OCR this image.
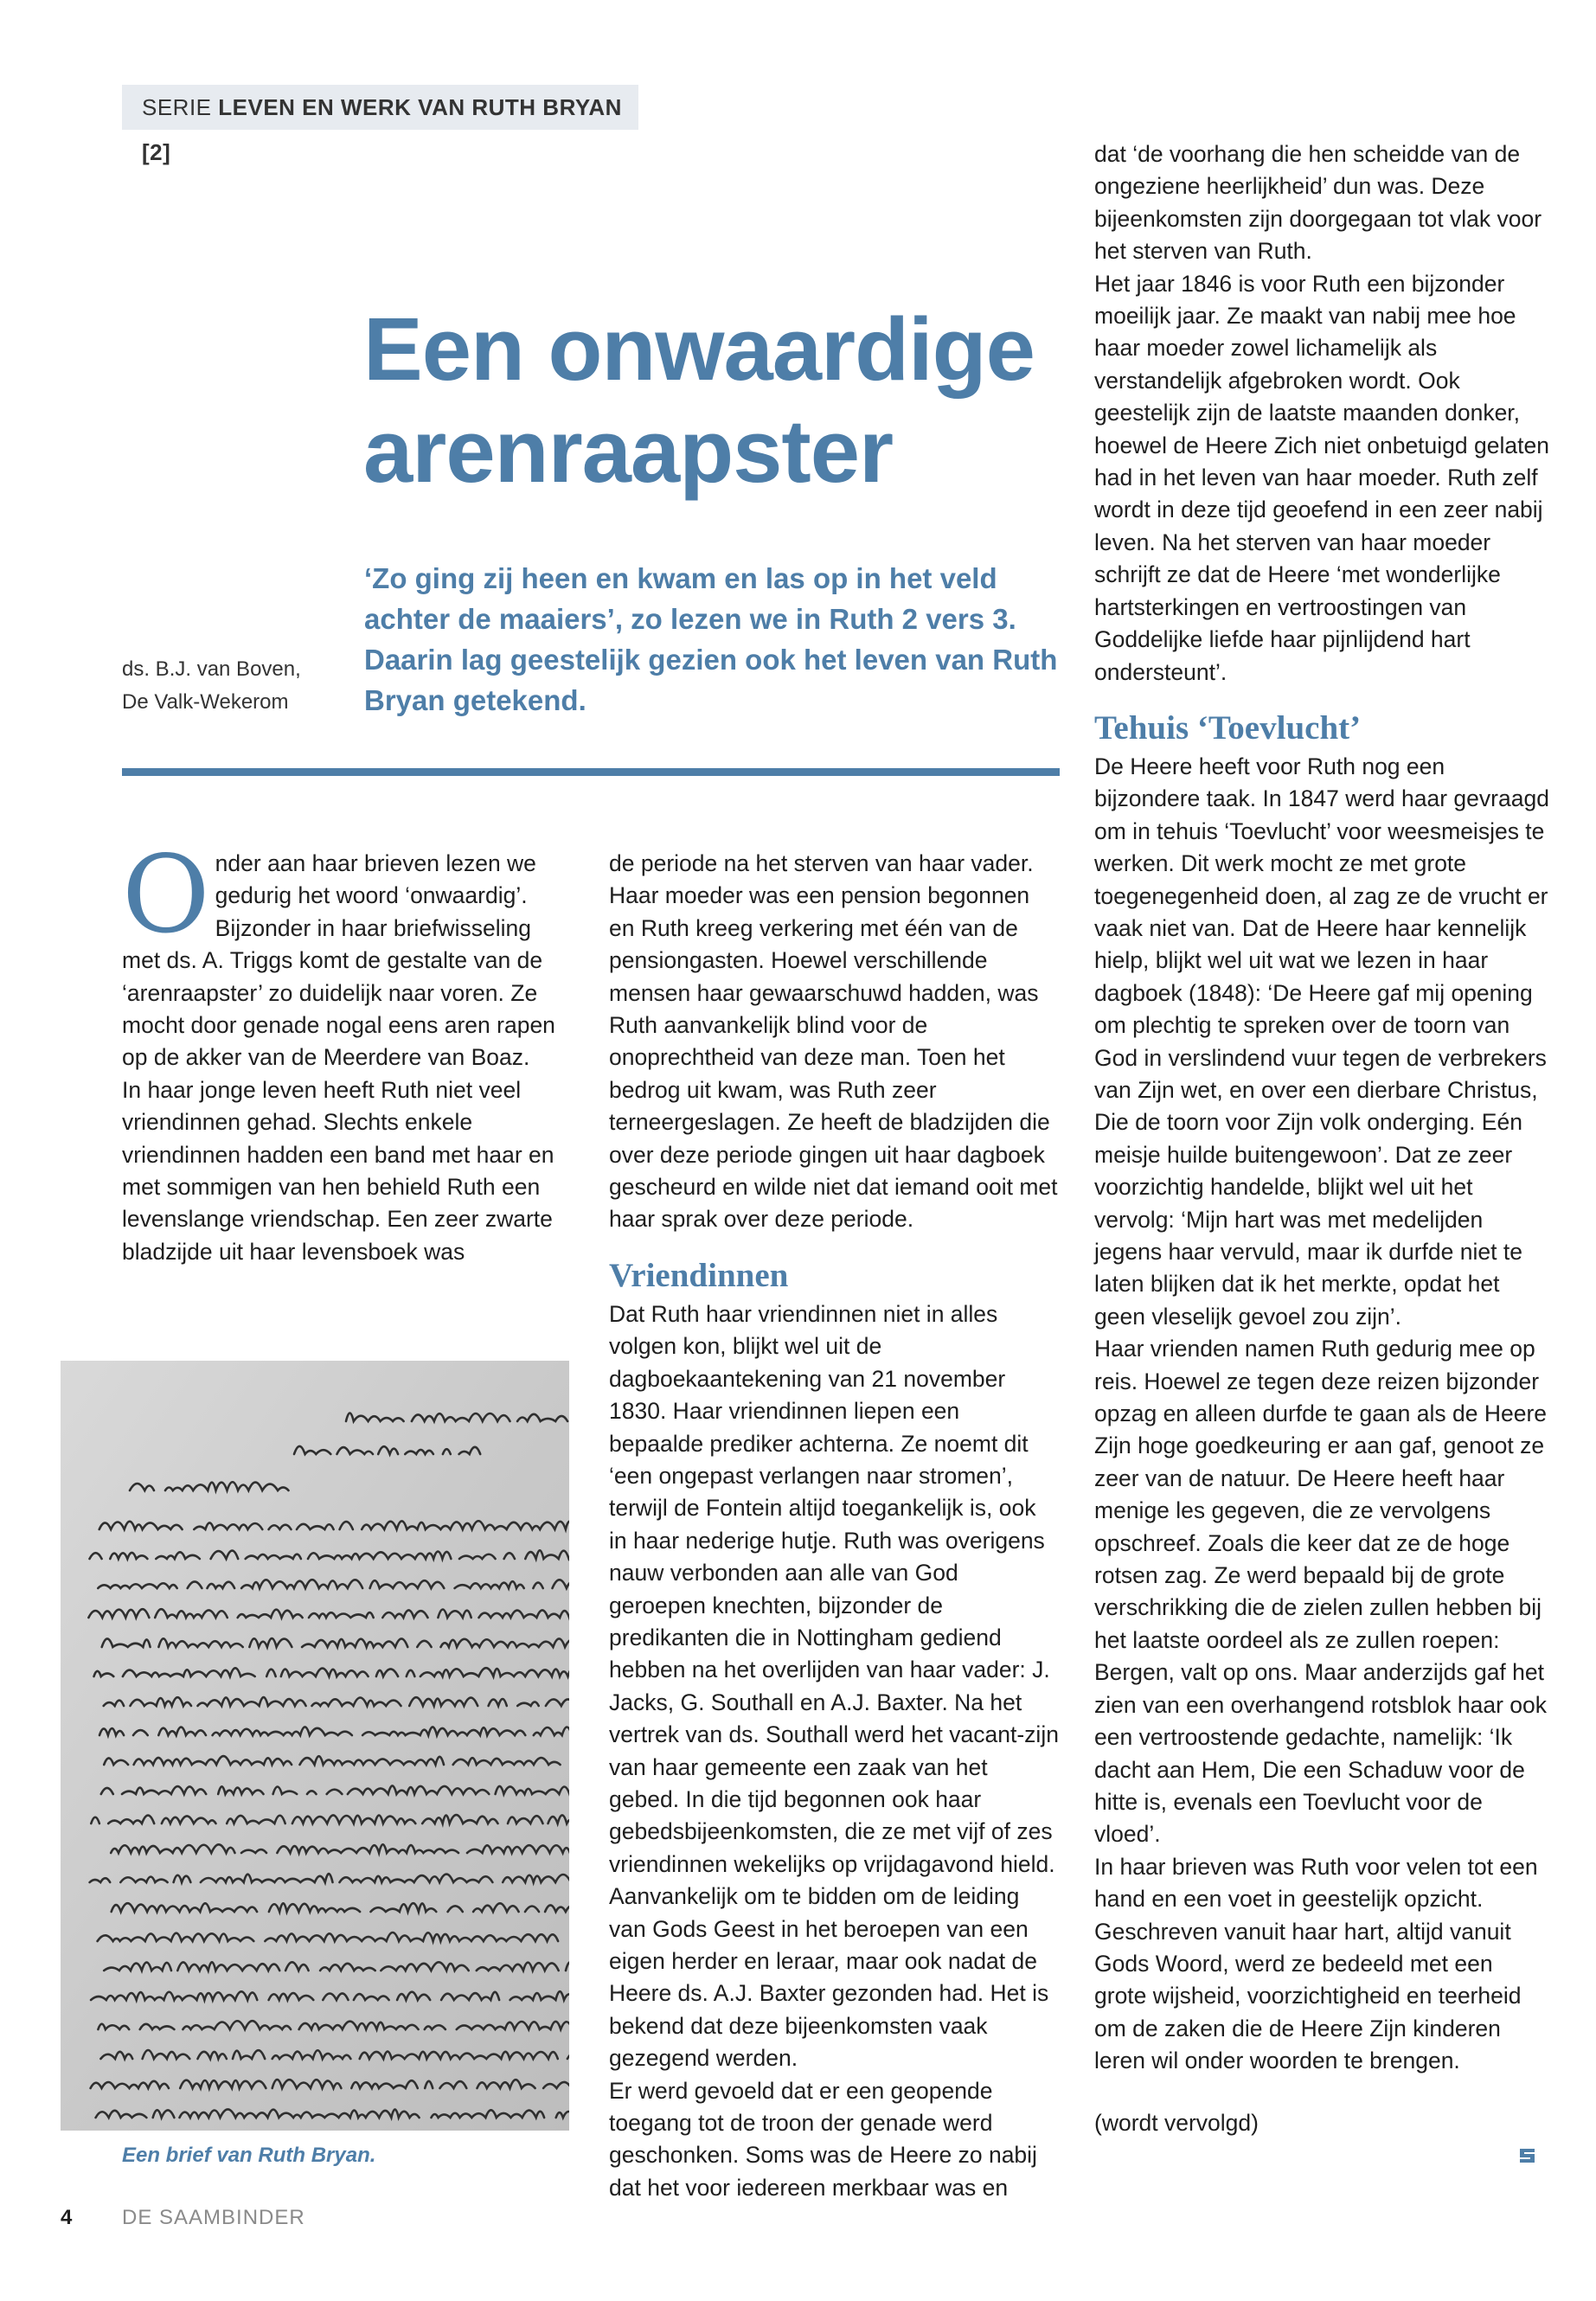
SERIE LEVEN EN WERK VAN RUTH BRYAN [2]
Een onwaardige
arenraapster

‘Zo ging zij heen en kwam en las op in het veld achter de maaiers’, zo lezen we in Ruth 2 vers 3. Daarin lag geestelijk gezien ook het leven van Ruth Bryan getekend.

ds. B.J. van Boven,
De Valk-Wekerom

Onder aan haar brieven lezen we gedurig het woord ‘onwaardig’. Bijzonder in haar briefwisseling met ds. A. Triggs komt de gestalte van de ‘arenraapster’ zo duidelijk naar voren. Ze mocht door genade nogal eens aren rapen op de akker van de Meerdere van Boaz.

In haar jonge leven heeft Ruth niet veel vriendinnen gehad. Slechts enkele vriendinnen hadden een band met haar en met sommigen van hen behield Ruth een levenslange vriendschap. Een zeer zwarte bladzijde uit haar levensboek was

Een brief van Ruth Bryan.

de periode na het sterven van haar vader. Haar moeder was een pension begonnen en Ruth kreeg verkering met één van de pensiongasten. Hoewel verschillende mensen haar gewaarschuwd hadden, was Ruth aanvankelijk blind voor de onoprechtheid van deze man. Toen het bedrog uit kwam, was Ruth zeer terneergeslagen. Ze heeft de bladzijden die over deze periode gingen uit haar dagboek gescheurd en wilde niet dat iemand ooit met haar sprak over deze periode.

Vriendinnen

Dat Ruth haar vriendinnen niet in alles volgen kon, blijkt wel uit de dagboekaantekening van 21 november 1830. Haar vriendinnen liepen een bepaalde prediker achterna. Ze noemt dit ‘een ongepast verlangen naar stromen’, terwijl de Fontein altijd toegankelijk is, ook in haar nederige hutje. Ruth was overigens nauw verbonden aan alle van God geroepen knechten, bijzonder de predikanten die in Nottingham gediend hebben na het overlijden van haar vader: J. Jacks, G. Southall en A.J. Baxter. Na het vertrek van ds. Southall werd het vacant-zijn van haar gemeente een zaak van het gebed. In die tijd begonnen ook haar gebedsbijeenkomsten, die ze met vijf of zes vriendinnen wekelijks op vrijdagavond hield. Aanvankelijk om te bidden om de leiding van Gods Geest in het beroepen van een eigen herder en leraar, maar ook nadat de Heere ds. A.J. Baxter gezonden had. Het is bekend dat deze bijeenkomsten vaak gezegend werden.

Er werd gevoeld dat er een geopende toegang tot de troon der genade werd geschonken. Soms was de Heere zo nabij dat het voor iedereen merkbaar was en

dat ‘de voorhang die hen scheidde van de ongeziene heerlijkheid’ dun was. Deze bijeenkomsten zijn doorgegaan tot vlak voor het sterven van Ruth.

Het jaar 1846 is voor Ruth een bijzonder moeilijk jaar. Ze maakt van nabij mee hoe haar moeder zowel lichamelijk als verstandelijk afgebroken wordt. Ook geestelijk zijn de laatste maanden donker, hoewel de Heere Zich niet onbetuigd gelaten had in het leven van haar moeder. Ruth zelf wordt in deze tijd geoefend in een zeer nabij leven. Na het sterven van haar moeder schrijft ze dat de Heere ‘met wonderlijke hartsterkingen en vertroostingen van Goddelijke liefde haar pijnlijdend hart ondersteunt’.

Tehuis ‘Toevlucht’

De Heere heeft voor Ruth nog een bijzondere taak. In 1847 werd haar gevraagd om in tehuis ‘Toevlucht’ voor weesmeisjes te werken. Dit werk mocht ze met grote toegenegenheid doen, al zag ze de vrucht er vaak niet van. Dat de Heere haar kennelijk hielp, blijkt wel uit wat we lezen in haar dagboek (1848): ‘De Heere gaf mij opening om plechtig te spreken over de toorn van God in verslindend vuur tegen de verbrekers van Zijn wet, en over een dierbare Christus, Die de toorn voor Zijn volk onderging. Eén meisje huilde buitengewoon’. Dat ze zeer voorzichtig handelde, blijkt wel uit het vervolg: ‘Mijn hart was met medelijden jegens haar vervuld, maar ik durfde niet te laten blijken dat ik het merkte, opdat het geen vleselijk gevoel zou zijn’.

Haar vrienden namen Ruth gedurig mee op reis. Hoewel ze tegen deze reizen bijzonder opzag en alleen durfde te gaan als de Heere Zijn hoge goedkeuring er aan gaf, genoot ze zeer van de natuur. De Heere heeft haar menige les gegeven, die ze vervolgens opschreef. Zoals die keer dat ze de hoge rotsen zag. Ze werd bepaald bij de grote verschrikking die de zielen zullen hebben bij het laatste oordeel als ze zullen roepen: Bergen, valt op ons. Maar anderzijds gaf het zien van een overhangend rotsblok haar ook een vertroostende gedachte, namelijk: ‘Ik dacht aan Hem, Die een Schaduw voor de hitte is, evenals een Toevlucht voor de vloed’.

In haar brieven was Ruth voor velen tot een hand en een voet in geestelijk opzicht. Geschreven vanuit haar hart, altijd vanuit Gods Woord, werd ze bedeeld met een grote wijsheid, voorzichtigheid en teerheid om de zaken die de Heere Zijn kinderen leren wil onder woorden te brengen.

(wordt vervolgd)

4 DE SAAMBINDER
